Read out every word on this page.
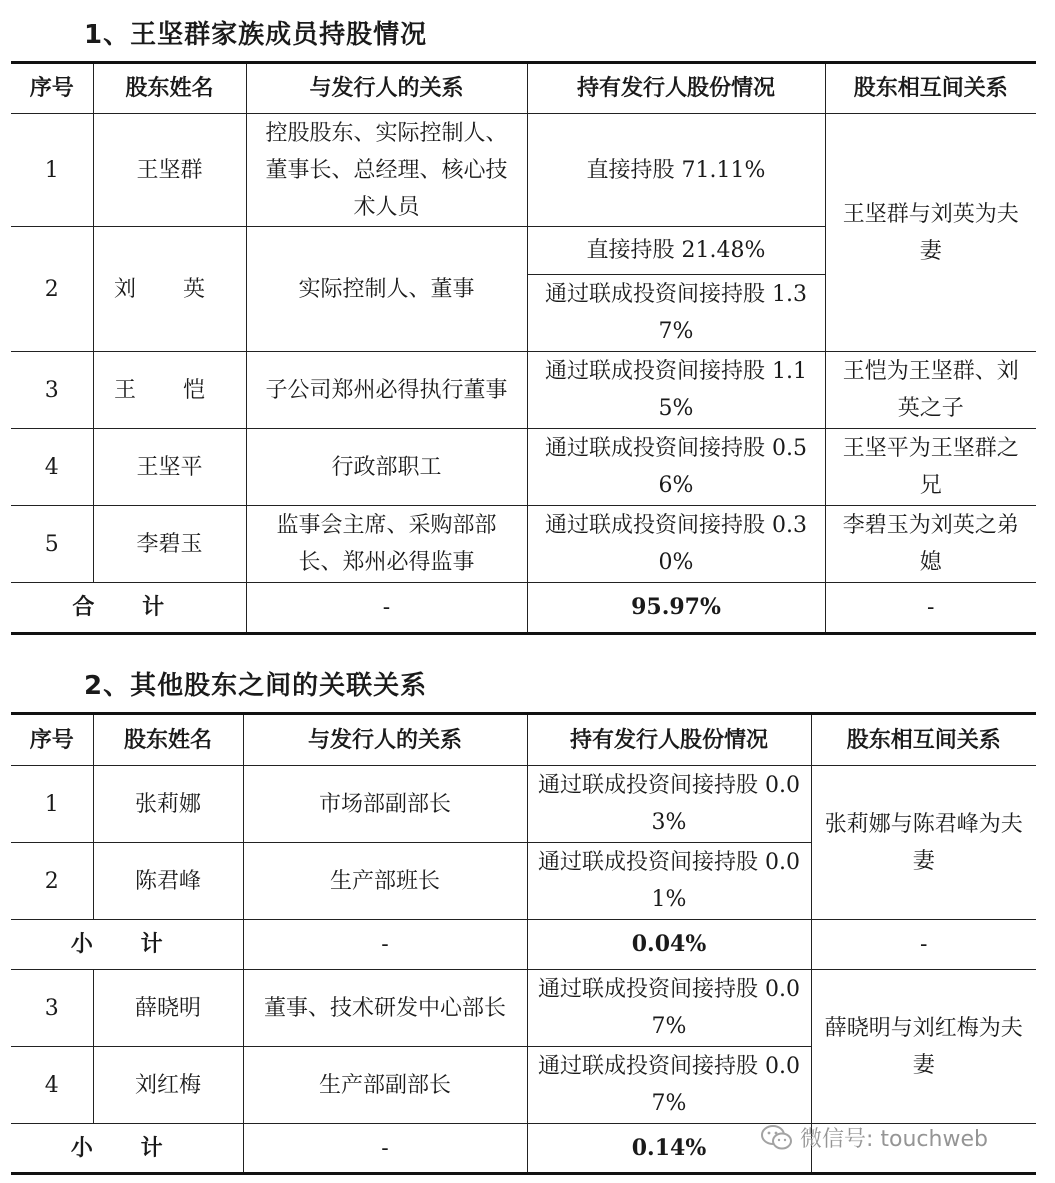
1、王坚群家族成员持股情况
序号	股东姓名	与发行人的关系	持有发行人股份情况	股东相互间关系
1	王坚群	控股股东、实际控制人、董事长、总经理、核心技术人员	直接持股 71.11%	王坚群与刘英为夫妻
2	刘 英	实际控制人、董事	直接持股 21.48%	
			通过联成投资间接持股 1.37%	
3	王 恺	子公司郑州必得执行董事	通过联成投资间接持股 1.15%	王恺为王坚群、刘英之子
4	王坚平	行政部职工	通过联成投资间接持股 0.56%	王坚平为王坚群之兄
5	李碧玉	监事会主席、采购部部长、郑州必得监事	通过联成投资间接持股 0.30%	李碧玉为刘英之弟媳
合 计		-	95.97%	-
2、其他股东之间的关联关系
序号	股东姓名	与发行人的关系	持有发行人股份情况	股东相互间关系
1	张莉娜	市场部副部长	通过联成投资间接持股 0.03%	张莉娜与陈君峰为夫妻
2	陈君峰	生产部班长	通过联成投资间接持股 0.01%	
小 计		-	0.04%	-
3	薛晓明	董事、技术研发中心部长	通过联成投资间接持股 0.07%	薛晓明与刘红梅为夫妻
4	刘红梅	生产部副部长	通过联成投资间接持股 0.07%	
小 计		-	0.14%		微信号: touchweb
